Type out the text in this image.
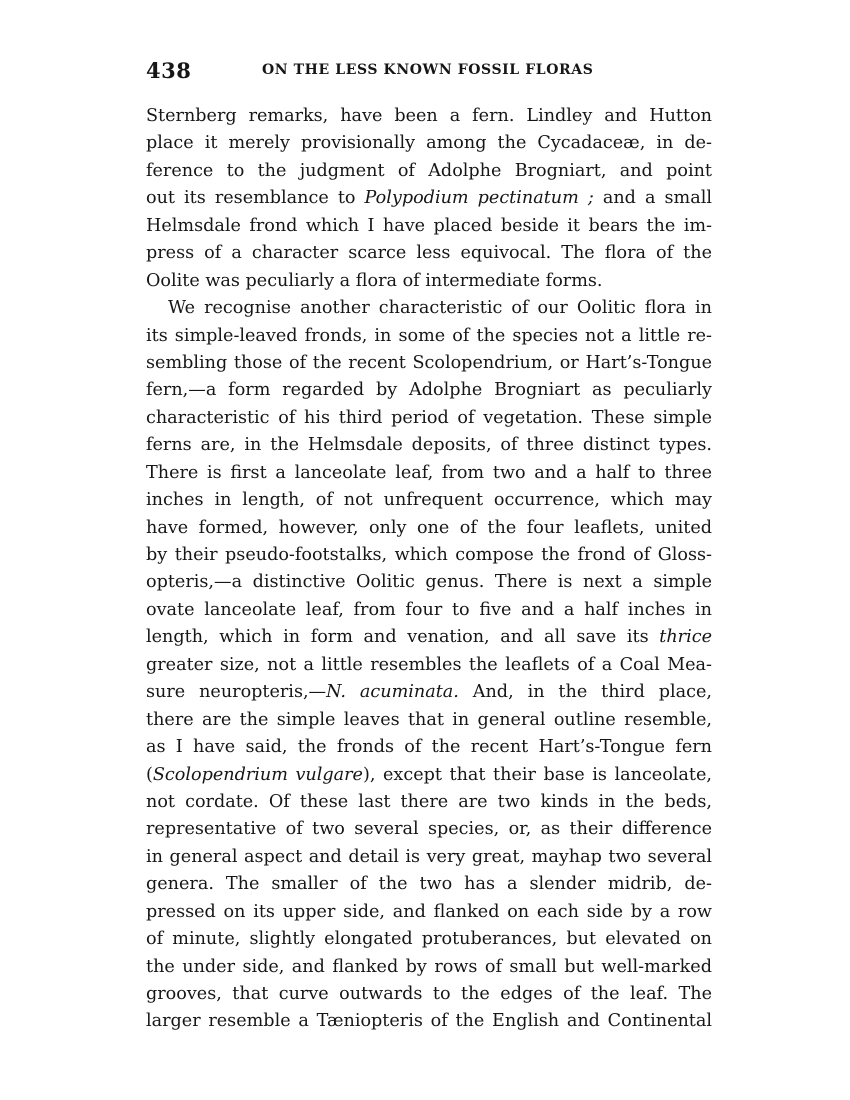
438	ON THE LESS KNOWN FOSSIL FLORAS
Sternberg remarks, have been a fern. Lindley and Hutton
place it merely provisionally among the Cycadaceæ, in de-
ference to the judgment of Adolphe Brogniart, and point
out its resemblance to Polypodium pectinatum ; and a small
Helmsdale frond which I have placed beside it bears the im-
press of a character scarce less equivocal. The flora of the
Oolite was peculiarly a flora of intermediate forms.
We recognise another characteristic of our Oolitic flora in
its simple-leaved fronds, in some of the species not a little re-
sembling those of the recent Scolopendrium, or Hart’s-Tongue
fern,—a form regarded by Adolphe Brogniart as peculiarly
characteristic of his third period of vegetation. These simple
ferns are, in the Helmsdale deposits, of three distinct types.
There is first a lanceolate leaf, from two and a half to three
inches in length, of not unfrequent occurrence, which may
have formed, however, only one of the four leaflets, united
by their pseudo-footstalks, which compose the frond of Gloss-
opteris,—a distinctive Oolitic genus. There is next a simple
ovate lanceolate leaf, from four to five and a half inches in
length, which in form and venation, and all save its thrice
greater size, not a little resembles the leaflets of a Coal Mea-
sure neuropteris,—N. acuminata. And, in the third place,
there are the simple leaves that in general outline resemble,
as I have said, the fronds of the recent Hart’s-Tongue fern
(Scolopendrium vulgare), except that their base is lanceolate,
not cordate. Of these last there are two kinds in the beds,
representative of two several species, or, as their difference
in general aspect and detail is very great, mayhap two several
genera. The smaller of the two has a slender midrib, de-
pressed on its upper side, and flanked on each side by a row
of minute, slightly elongated protuberances, but elevated on
the under side, and flanked by rows of small but well-marked
grooves, that curve outwards to the edges of the leaf. The
larger resemble a Tæniopteris of the English and Continental
